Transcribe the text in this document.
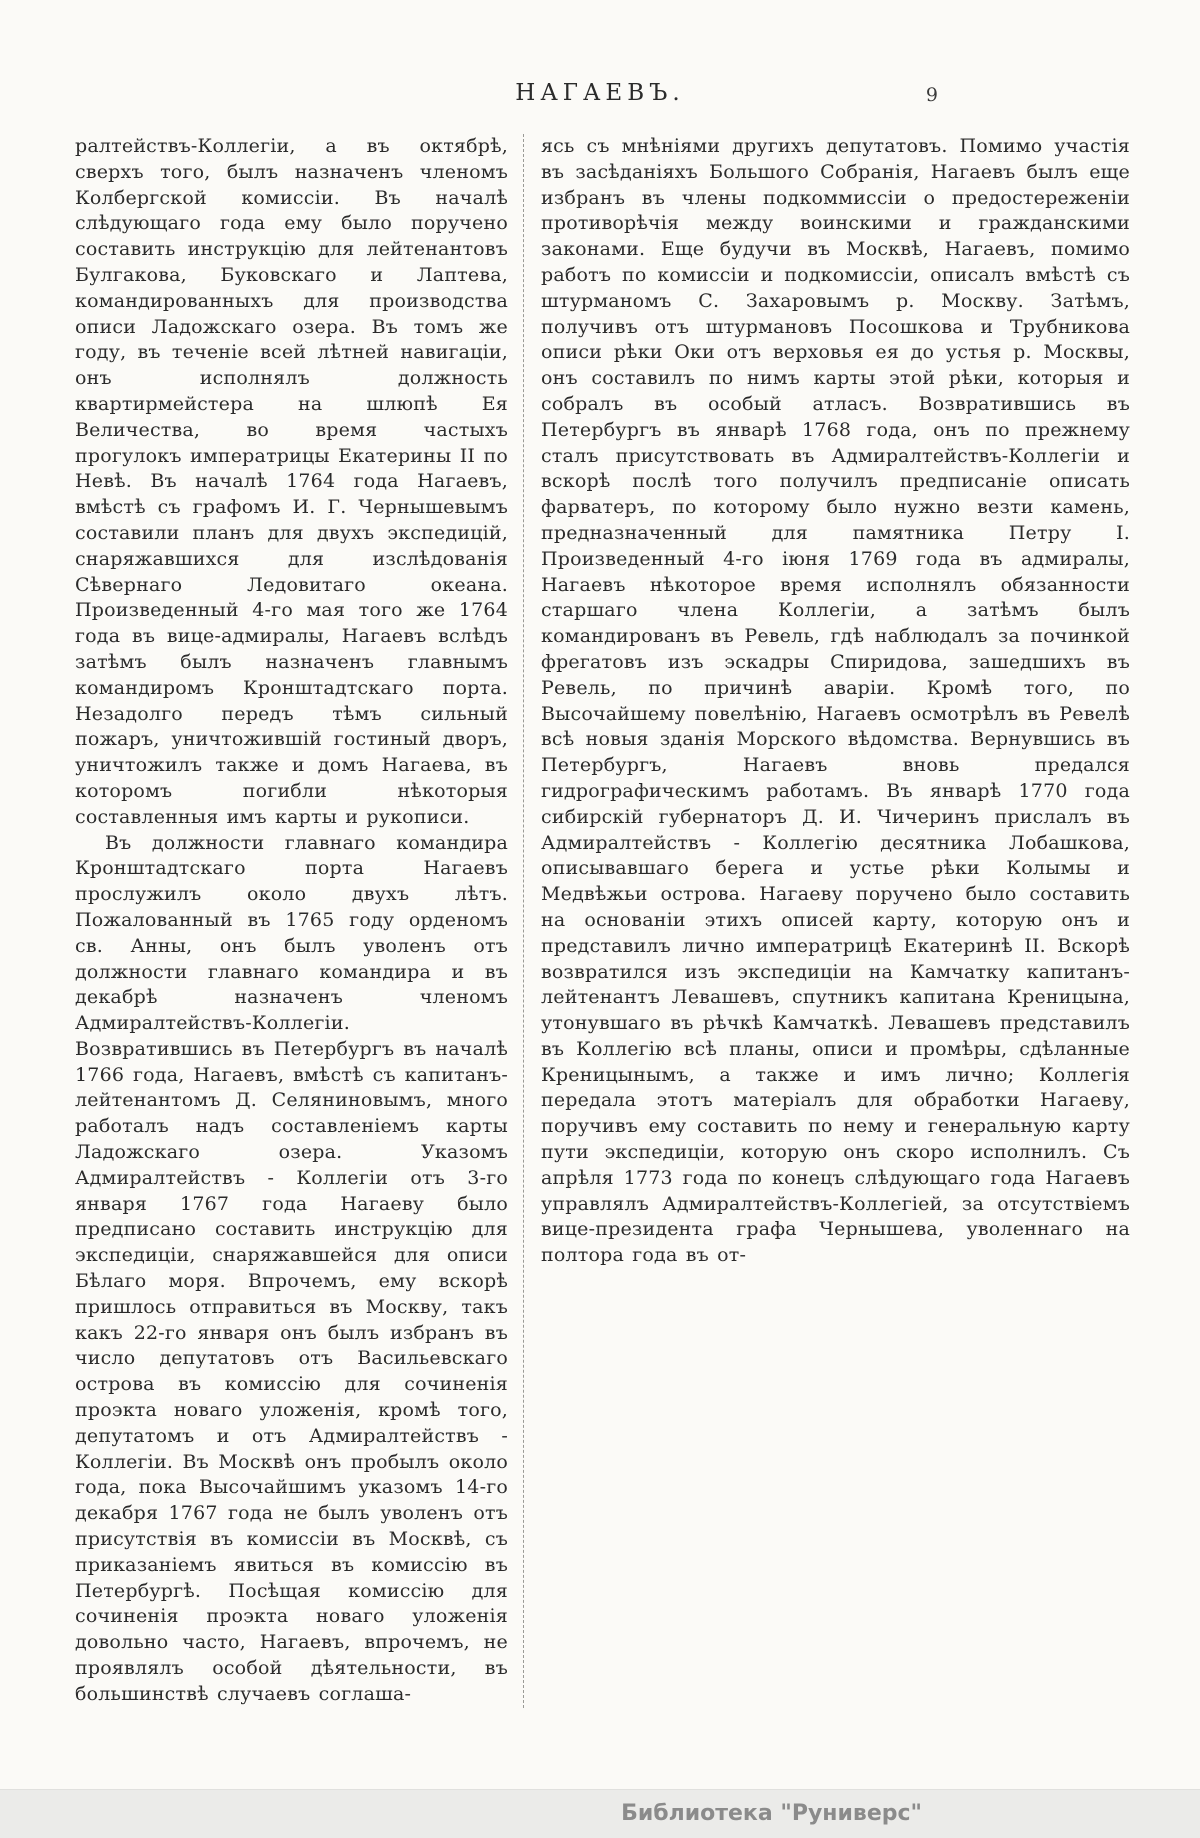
НАГАЕВЪ.	9

ралтействъ-Коллегіи, а въ октябрѣ, сверхъ того, былъ назначенъ членомъ Колбергской комиссіи. Въ началѣ слѣдующаго года ему было поручено составить инструкцію для лейтенантовъ Булгакова, Буковскаго и Лаптева, командированныхъ для производства описи Ладожскаго озера. Въ томъ же году, въ теченіе всей лѣтней навигаціи, онъ исполнялъ должность квартирмейстера на шлюпѣ Ея Величества, во время частыхъ прогулокъ императрицы Екатерины II по Невѣ. Въ началѣ 1764 года Нагаевъ, вмѣстѣ съ графомъ И. Г. Чернышевымъ составили планъ для двухъ экспедицій, снаряжавшихся для изслѣдованія Сѣвернаго Ледовитаго океана. Произведенный 4-го мая того же 1764 года въ вице-адмиралы, Нагаевъ вслѣдъ затѣмъ былъ назначенъ главнымъ командиромъ Кронштадтскаго порта. Незадолго передъ тѣмъ сильный пожаръ, уничтожившій гостиный дворъ, уничтожилъ также и домъ Нагаева, въ которомъ погибли нѣкоторыя составленныя имъ карты и рукописи.

Въ должности главнаго командира Кронштадтскаго порта Нагаевъ прослужилъ около двухъ лѣтъ. Пожалованный въ 1765 году орденомъ св. Анны, онъ былъ уволенъ отъ должности главнаго командира и въ декабрѣ назначенъ членомъ Адмиралтействъ-Коллегіи. Возвратившись въ Петербургъ въ началѣ 1766 года, Нагаевъ, вмѣстѣ съ капитанъ-лейтенантомъ Д. Селяниновымъ, много работалъ надъ составленіемъ карты Ладожскаго озера. Указомъ Адмиралтействъ - Коллегіи отъ 3-го января 1767 года Нагаеву было предписано составить инструкцію для экспедиціи, снаряжавшейся для описи Бѣлаго моря. Впрочемъ, ему вскорѣ пришлось отправиться въ Москву, такъ какъ 22-го января онъ былъ избранъ въ число депутатовъ отъ Васильевскаго острова въ комиссію для сочиненія проэкта новаго уложенія, кромѣ того, депутатомъ и отъ Адмиралтействъ - Коллегіи. Въ Москвѣ онъ пробылъ около года, пока Высочайшимъ указомъ 14-го декабря 1767 года не былъ уволенъ отъ присутствія въ комиссіи въ Москвѣ, съ приказаніемъ явиться въ комиссію въ Петербургѣ. Посѣщая комиссію для сочиненія проэкта новаго уложенія довольно часто, Нагаевъ, впрочемъ, не проявлялъ особой дѣятельности, въ большинствѣ случаевъ соглаша-

ясь съ мнѣніями другихъ депутатовъ. Помимо участія въ засѣданіяхъ Большого Собранія, Нагаевъ былъ еще избранъ въ члены подкоммиссіи о предостереженіи противорѣчія между воинскими и гражданскими законами. Еще будучи въ Москвѣ, Нагаевъ, помимо работъ по комиссіи и подкомиссіи, описалъ вмѣстѣ съ штурманомъ С. Захаровымъ р. Москву. Затѣмъ, получивъ отъ штурмановъ Посошкова и Трубникова описи рѣки Оки отъ верховья ея до устья р. Москвы, онъ составилъ по нимъ карты этой рѣки, которыя и собралъ въ особый атласъ. Возвратившись въ Петербургъ въ январѣ 1768 года, онъ по прежнему сталъ присутствовать въ Адмиралтействъ-Коллегіи и вскорѣ послѣ того получилъ предписаніе описать фарватеръ, по которому было нужно везти камень, предназначенный для памятника Петру I. Произведенный 4-го іюня 1769 года въ адмиралы, Нагаевъ нѣкоторое время исполнялъ обязанности старшаго члена Коллегіи, а затѣмъ былъ командированъ въ Ревель, гдѣ наблюдалъ за починкой фрегатовъ изъ эскадры Спиридова, зашедшихъ въ Ревель, по причинѣ аваріи. Кромѣ того, по Высочайшему повелѣнію, Нагаевъ осмотрѣлъ въ Ревелѣ всѣ новыя зданія Морского вѣдомства. Вернувшись въ Петербургъ, Нагаевъ вновь предался гидрографическимъ работамъ. Въ январѣ 1770 года сибирскій губернаторъ Д. И. Чичеринъ прислалъ въ Адмиралтействъ - Коллегію десятника Лобашкова, описывавшаго берега и устье рѣки Колымы и Медвѣжьи острова. Нагаеву поручено было составить на основаніи этихъ описей карту, которую онъ и представилъ лично императрицѣ Екатеринѣ II. Вскорѣ возвратился изъ экспедиціи на Камчатку капитанъ-лейтенантъ Левашевъ, спутникъ капитана Креницына, утонувшаго въ рѣчкѣ Камчаткѣ. Левашевъ представилъ въ Коллегію всѣ планы, описи и промѣры, сдѣланные Креницынымъ, а также и имъ лично; Коллегія передала этотъ матеріалъ для обработки Нагаеву, поручивъ ему составить по нему и генеральную карту пути экспедиціи, которую онъ скоро исполнилъ. Съ апрѣля 1773 года по конецъ слѣдующаго года Нагаевъ управлялъ Адмиралтействъ-Коллегіей, за отсутствіемъ вице-президента графа Чернышева, уволеннаго на полтора года въ от-

Библиотека "Руниверс"
